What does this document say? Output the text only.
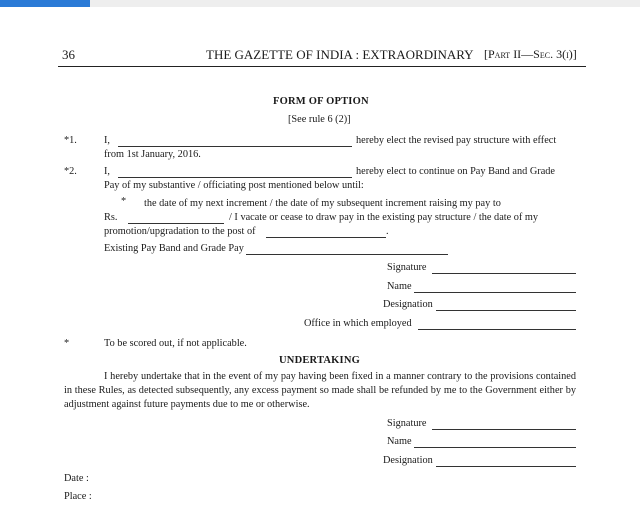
36	THE GAZETTE OF INDIA : EXTRAORDINARY [Part II—Sec. 3(i)]
FORM OF OPTION
[See rule 6 (2)]
*1.	I,	hereby elect the revised pay structure with effect
from 1st January, 2016.
*2.	I,	hereby elect to continue on Pay Band and Grade
Pay of my substantive / officiating post mentioned below until:
* the date of my next increment / the date of my subsequent increment raising my pay to
Rs.	/ I vacate or cease to draw pay in the existing pay structure / the date of my
promotion/upgradation to the post of	.
Existing Pay Band and Grade Pay
Signature
Name
Designation
Office in which employed
*	To be scored out, if not applicable.
UNDERTAKING
I hereby undertake that in the event of my pay having been fixed in a manner contrary to the provisions contained in these Rules, as detected subsequently, any excess payment so made shall be refunded by me to the Government either by adjustment against future payments due to me or otherwise.
Signature
Name
Designation
Date :
Place :
